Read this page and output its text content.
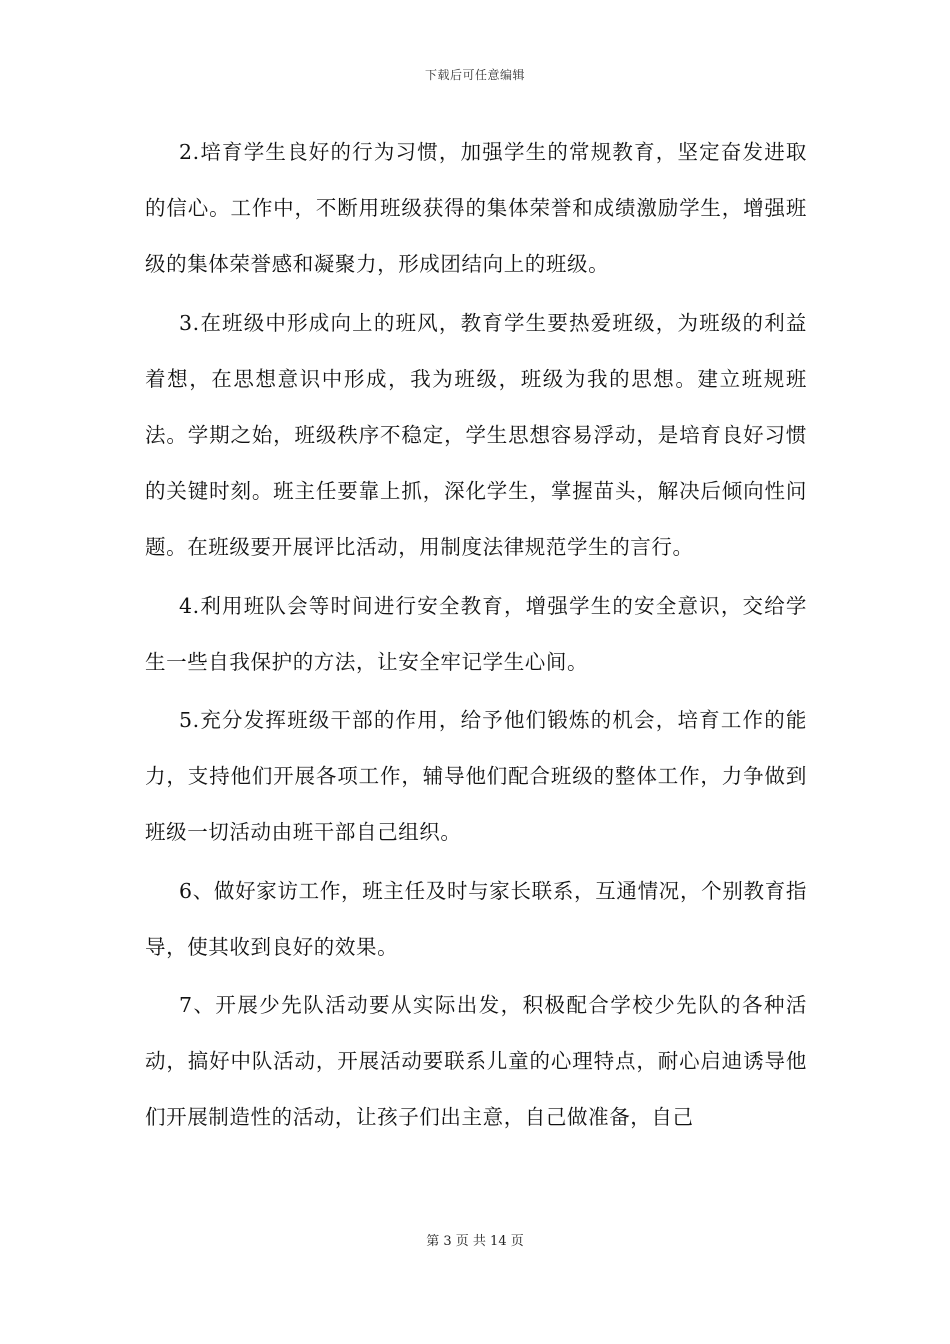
下载后可任意编辑

2.培育学生良好的行为习惯，加强学生的常规教育，坚定奋发进取的信心。工作中，不断用班级获得的集体荣誉和成绩激励学生，增强班级的集体荣誉感和凝聚力，形成团结向上的班级。

3.在班级中形成向上的班风，教育学生要热爱班级，为班级的利益着想，在思想意识中形成，我为班级，班级为我的思想。建立班规班法。学期之始，班级秩序不稳定，学生思想容易浮动，是培育良好习惯的关键时刻。班主任要靠上抓，深化学生，掌握苗头，解决后倾向性问题。在班级要开展评比活动，用制度法律规范学生的言行。

4.利用班队会等时间进行安全教育，增强学生的安全意识，交给学生一些自我保护的方法，让安全牢记学生心间。

5.充分发挥班级干部的作用，给予他们锻炼的机会，培育工作的能力，支持他们开展各项工作，辅导他们配合班级的整体工作，力争做到班级一切活动由班干部自己组织。

6、做好家访工作，班主任及时与家长联系，互通情况，个别教育指导，使其收到良好的效果。

7、开展少先队活动要从实际出发，积极配合学校少先队的各种活动，搞好中队活动，开展活动要联系儿童的心理特点，耐心启迪诱导他们开展制造性的活动，让孩子们出主意，自己做准备，自己

第 3 页 共 14 页
